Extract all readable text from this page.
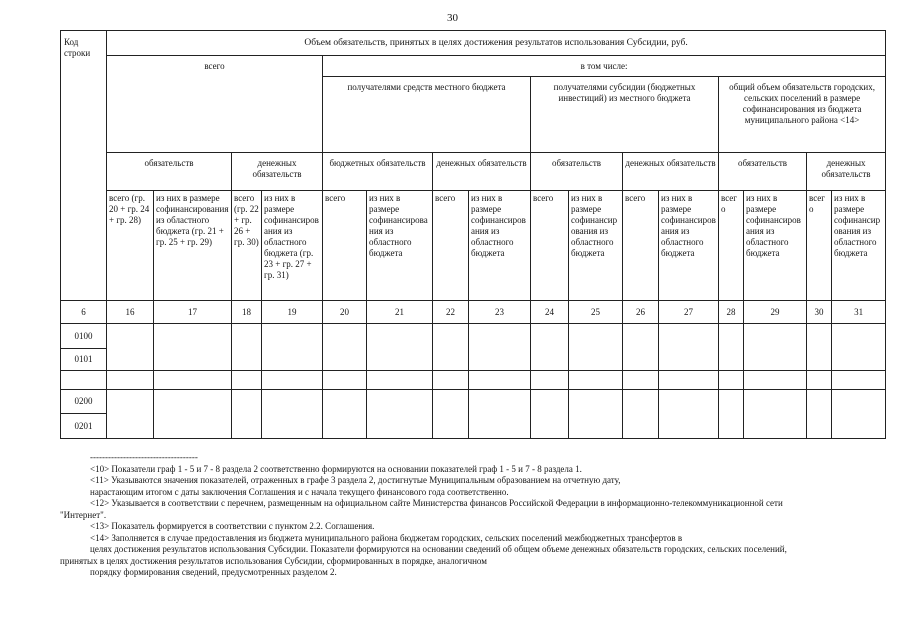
30
Код строки	Объем обязательств, принятых в целях достижения результатов использования Субсидии, руб.															
	всего				в том числе:											
					получателями средств местного бюджета				получателями субсидии (бюджетных инвестиций) из местного бюджета				общий объем обязательств городских, сельских поселений в размере софинансирования из бюджета муниципального района <14>			
	обязательств		денежных обязательств		бюджетных обязательств		денежных обязательств		обязательств		денежных обязательств		обязательств		денежных обязательств	
	всего (гр. 20 + гр. 24 + гр. 28)	из них в размере софинансирования из областного бюджета (гр. 21 + гр. 25 + гр. 29)	всего (гр. 22 + гр. 26 + гр. 30)	из них в размере софинансирования из областного бюджета (гр. 23 + гр. 27 + гр. 31)	всего	из них в размере софинансирования из областного бюджета	всего	из них в размере софинансирования из областного бюджета	всего	из них в размере софинансирования из областного бюджета	всего	из них в размере софинансирования из областного бюджета	всего	из них в размере софинансирования из областного бюджета	всего	из них в размере софинансирования из областного бюджета
6	16	17	18	19	20	21	22	23	24	25	26	27	28	29	30	31
0100																
0101																

0200																
0201																

------------------------------------

<10> Показатели граф 1 - 5 и 7 - 8 раздела 2 соответственно формируются на основании показателей граф 1 - 5 и 7 - 8 раздела 1.

<11> Указываются значения показателей, отраженных в графе 3 раздела 2, достигнутые Муниципальным образованием на отчетную дату,

нарастающим итогом с даты заключения Соглашения и с начала текущего финансового года соответственно.

<12> Указывается в соответствии с перечнем, размещенным на официальном сайте Министерства финансов Российской Федерации в информационно-телекоммуникационной сети

"Интернет".

<13> Показатель формируется в соответствии с пунктом 2.2. Соглашения.

<14> Заполняется в случае предоставления из бюджета муниципального района бюджетам городских, сельских поселений межбюджетных трансфертов в

целях достижения результатов использования Субсидии. Показатели формируются на основании сведений об общем объеме денежных обязательств городских, сельских поселений,

принятых в целях достижения результатов использования Субсидии, сформированных в порядке, аналогичном

порядку формирования сведений, предусмотренных разделом 2.
